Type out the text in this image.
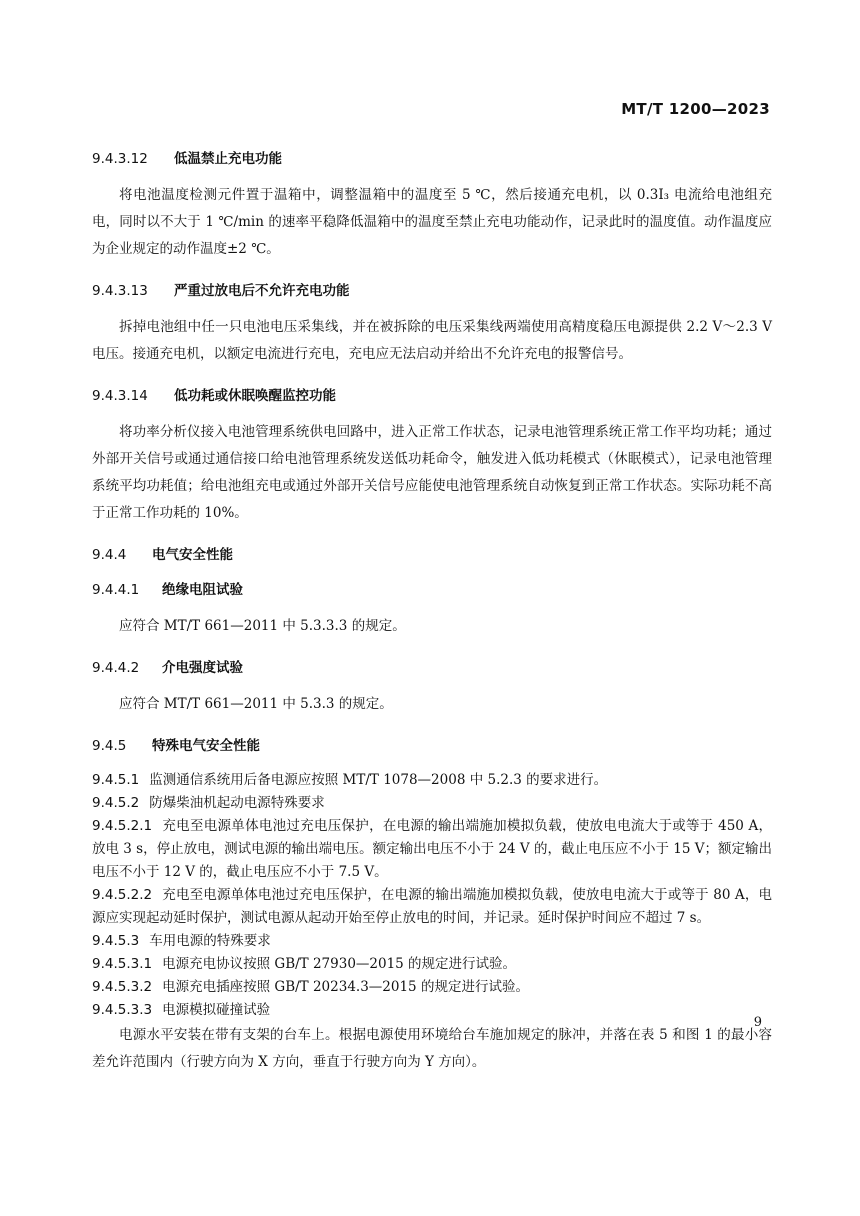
MT/T 1200—2023
9.4.3.12 低温禁止充电功能

将电池温度检测元件置于温箱中，调整温箱中的温度至 5 ℃，然后接通充电机，以 0.3I₃ 电流给电池组充电，同时以不大于 1 ℃/min 的速率平稳降低温箱中的温度至禁止充电功能动作，记录此时的温度值。动作温度应为企业规定的动作温度±2 ℃。

9.4.3.13 严重过放电后不允许充电功能

拆掉电池组中任一只电池电压采集线，并在被拆除的电压采集线两端使用高精度稳压电源提供 2.2 V～2.3 V 电压。接通充电机，以额定电流进行充电，充电应无法启动并给出不允许充电的报警信号。

9.4.3.14 低功耗或休眠唤醒监控功能

将功率分析仪接入电池管理系统供电回路中，进入正常工作状态，记录电池管理系统正常工作平均功耗；通过外部开关信号或通过通信接口给电池管理系统发送低功耗命令，触发进入低功耗模式（休眠模式），记录电池管理系统平均功耗值；给电池组充电或通过外部开关信号应能使电池管理系统自动恢复到正常工作状态。实际功耗不高于正常工作功耗的 10%。

9.4.4 电气安全性能
9.4.4.1 绝缘电阻试验

应符合 MT/T 661—2011 中 5.3.3.3 的规定。

9.4.4.2 介电强度试验

应符合 MT/T 661—2011 中 5.3.3 的规定。

9.4.5 特殊电气安全性能

9.4.5.1 监测通信系统用后备电源应按照 MT/T 1078—2008 中 5.2.3 的要求进行。

9.4.5.2 防爆柴油机起动电源特殊要求

9.4.5.2.1 充电至电源单体电池过充电压保护，在电源的输出端施加模拟负载，使放电电流大于或等于 450 A，放电 3 s，停止放电，测试电源的输出端电压。额定输出电压不小于 24 V 的，截止电压应不小于 15 V；额定输出电压不小于 12 V 的，截止电压应不小于 7.5 V。

9.4.5.2.2 充电至电源单体电池过充电压保护，在电源的输出端施加模拟负载，使放电电流大于或等于 80 A，电源应实现起动延时保护，测试电源从起动开始至停止放电的时间，并记录。延时保护时间应不超过 7 s。

9.4.5.3 车用电源的特殊要求

9.4.5.3.1 电源充电协议按照 GB/T 27930—2015 的规定进行试验。

9.4.5.3.2 电源充电插座按照 GB/T 20234.3—2015 的规定进行试验。

9.4.5.3.3 电源模拟碰撞试验

电源水平安装在带有支架的台车上。根据电源使用环境给台车施加规定的脉冲，并落在表 5 和图 1 的最小容差允许范围内（行驶方向为 X 方向，垂直于行驶方向为 Y 方向）。

9
